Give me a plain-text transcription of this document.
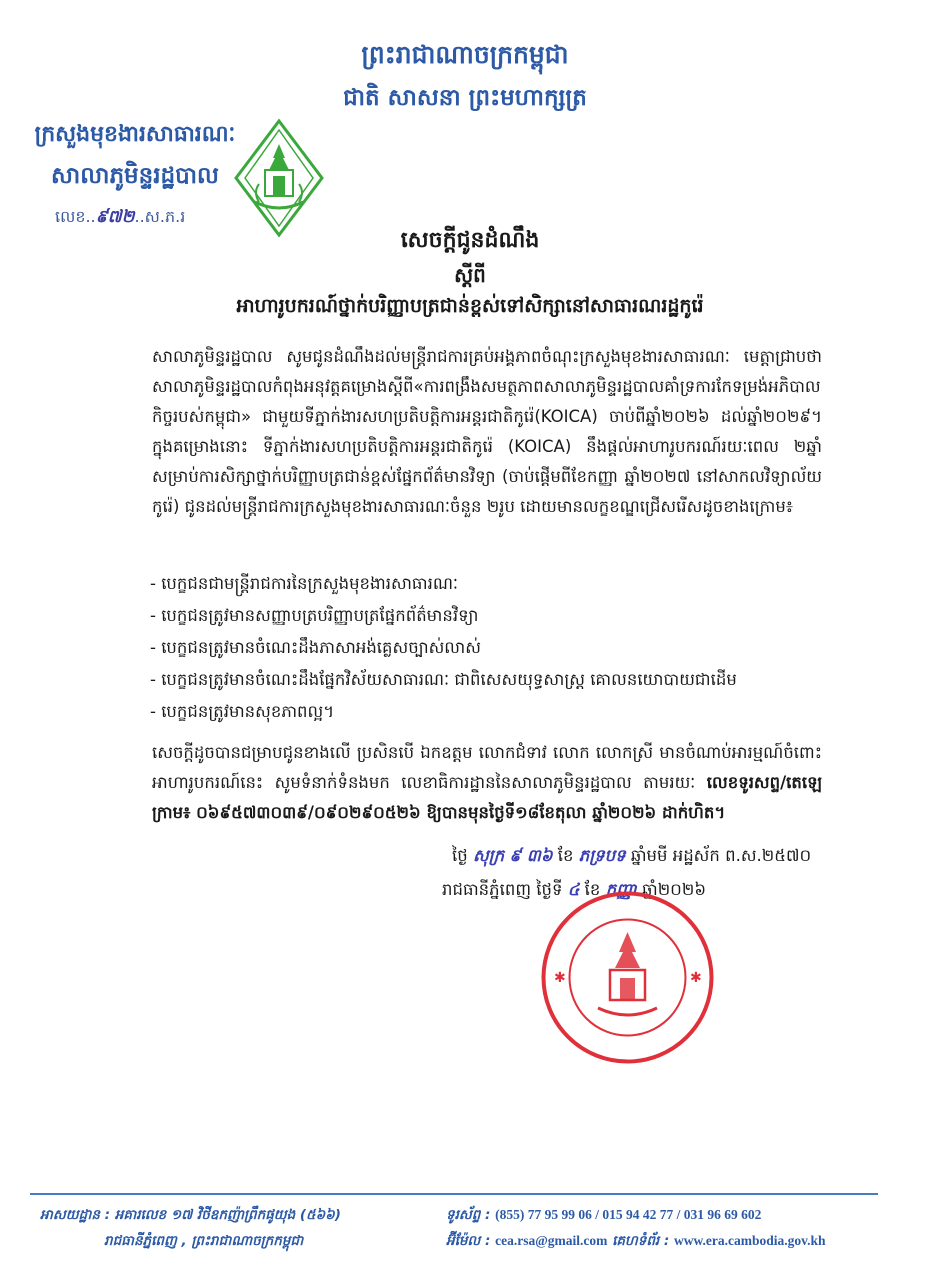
ព្រះរាជាណាចក្រកម្ពុជា
ជាតិ សាសនា ព្រះមហាក្សត្រ
ក្រសួងមុខងារសាធារណៈ
សាលាភូមិន្ទរដ្ឋបាល
លេខ..៩៧២..ស.ភ.រ
សេចក្តីជូនដំណឹង
ស្តីពី
អាហារូបករណ៍ថ្នាក់បរិញ្ញាបត្រជាន់ខ្ពស់ទៅសិក្សានៅសាធារណរដ្ឋកូរ៉េ
សាលាភូមិន្ទរដ្ឋបាល សូមជូនដំណឹងដល់មន្ត្រីរាជការគ្រប់អង្គភាពចំណុះក្រសួងមុខងារសាធារណៈ មេត្តាជ្រាបថា សាលាភូមិន្ទរដ្ឋបាលកំពុងអនុវត្តគម្រោងស្តីពី«ការពង្រឹងសមត្ថភាពសាលាភូមិន្ទរដ្ឋបាលគាំទ្រការកែទម្រង់អភិបាលកិច្ចរបស់កម្ពុជា» ជាមួយទីភ្នាក់ងារសហប្រតិបត្តិការអន្តរជាតិកូរ៉េ(KOICA) ចាប់ពីឆ្នាំ២០២៦ ដល់ឆ្នាំ២០២៩។ ក្នុងគម្រោងនោះ ទីភ្នាក់ងារសហប្រតិបត្តិការអន្តរជាតិកូរ៉េ (KOICA) នឹងផ្តល់អាហារូបករណ៍រយៈពេល ២ឆ្នាំ សម្រាប់ការសិក្សាថ្នាក់បរិញ្ញាបត្រជាន់ខ្ពស់ផ្នែកព័ត៌មានវិទ្យា (ចាប់ផ្តើមពីខែកញ្ញា ឆ្នាំ២០២៧ នៅសាកលវិទ្យាល័យកូរ៉េ) ជូនដល់មន្ត្រីរាជការក្រសួងមុខងារសាធារណៈចំនួន ២រូប ដោយមានលក្ខខណ្ឌជ្រើសរើសដូចខាងក្រោម៖
- បេក្ខជនជាមន្ត្រីរាជការនៃក្រសួងមុខងារសាធារណៈ
- បេក្ខជនត្រូវមានសញ្ញាបត្របរិញ្ញាបត្រផ្នែកព័ត៌មានវិទ្យា
- បេក្ខជនត្រូវមានចំណេះដឹងភាសាអង់គ្លេសច្បាស់លាស់
- បេក្ខជនត្រូវមានចំណេះដឹងផ្នែកវិស័យសាធារណៈ ជាពិសេសយុទ្ធសាស្ត្រ គោលនយោបាយជាដើម
- បេក្ខជនត្រូវមានសុខភាពល្អ។
សេចក្តីដូចបានជម្រាបជូនខាងលើ ប្រសិនបើ ឯកឧត្តម លោកជំទាវ លោក លោកស្រី មានចំណាប់អារម្មណ៍ចំពោះអាហារូបករណ៍នេះ សូមទំនាក់ទំនងមក លេខាធិការដ្ឋាននៃសាលាភូមិន្ទរដ្ឋបាល តាមរយៈ លេខទូរសព្ទ/តេឡេក្រាម៖ ០៦៩៥៧៣០៣៩/០៩០២៩០៥២៦ ឱ្យបានមុនថ្ងៃទី១៨ខែតុលា ឆ្នាំ២០២៦ ដាក់ហិត។
ថ្ងៃ សុក្រ ៩ ៣៦ ខែ ភទ្របទ ឆ្នាំមមី អដ្ឋស័ក ព.ស.២៥៧០
រាជធានីភ្នំពេញ ថ្ងៃទី ៤ ខែ កញ្ញា ឆ្នាំ២០២៦
✱	✱
អាសយដ្ឋាន : អគារលេខ ១៧ វិថីឧកញ៉ាព្រឹកផូយុង (៥៦៦)
រាជធានីភ្នំពេញ , ព្រះរាជាណាចក្រកម្ពុជា
ទូរស័ព្ទ : (855) 77 95 99 06 / 015 94 42 77 / 031 96 69 602
អ៊ីម៉ែល : cea.rsa@gmail.com គេហទំព័រ : www.era.cambodia.gov.kh
